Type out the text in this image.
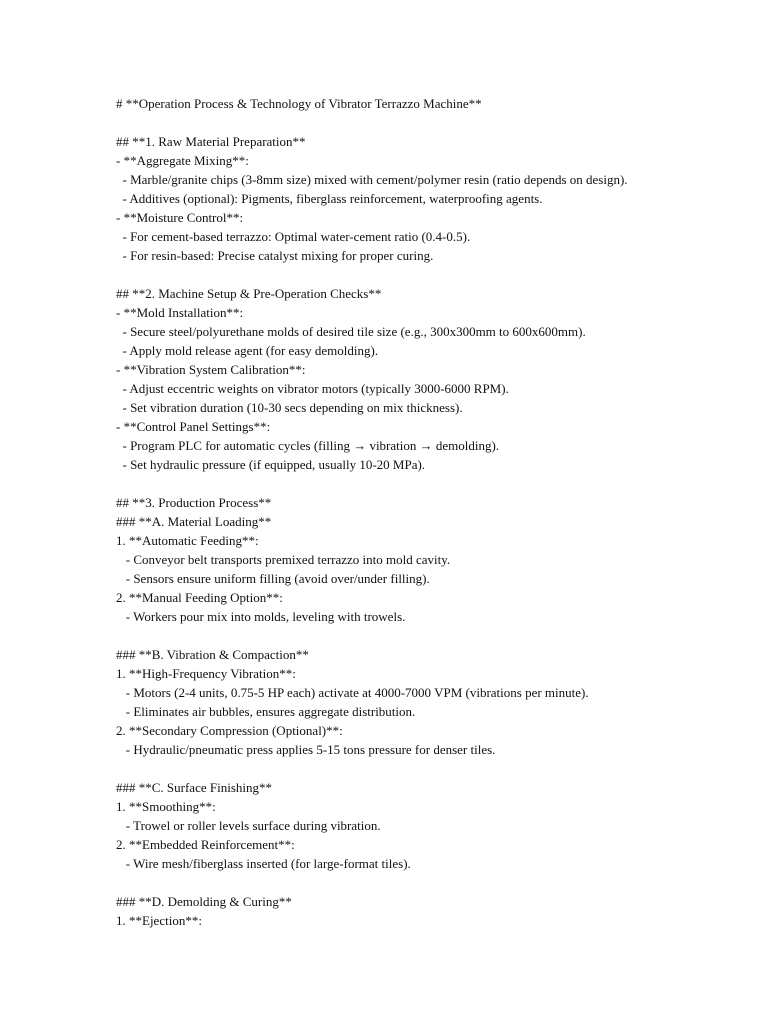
# **Operation Process & Technology of Vibrator Terrazzo Machine**
## **1. Raw Material Preparation**
- **Aggregate Mixing**:
- Marble/granite chips (3-8mm size) mixed with cement/polymer resin (ratio depends on design).
- Additives (optional): Pigments, fiberglass reinforcement, waterproofing agents.
- **Moisture Control**:
- For cement-based terrazzo: Optimal water-cement ratio (0.4-0.5).
- For resin-based: Precise catalyst mixing for proper curing.
## **2. Machine Setup & Pre-Operation Checks**
- **Mold Installation**:
- Secure steel/polyurethane molds of desired tile size (e.g., 300x300mm to 600x600mm).
- Apply mold release agent (for easy demolding).
- **Vibration System Calibration**:
- Adjust eccentric weights on vibrator motors (typically 3000-6000 RPM).
- Set vibration duration (10-30 secs depending on mix thickness).
- **Control Panel Settings**:
- Program PLC for automatic cycles (filling → vibration → demolding).
- Set hydraulic pressure (if equipped, usually 10-20 MPa).
## **3. Production Process**
### **A. Material Loading**
1. **Automatic Feeding**:
- Conveyor belt transports premixed terrazzo into mold cavity.
- Sensors ensure uniform filling (avoid over/under filling).
2. **Manual Feeding Option**:
- Workers pour mix into molds, leveling with trowels.
### **B. Vibration & Compaction**
1. **High-Frequency Vibration**:
- Motors (2-4 units, 0.75-5 HP each) activate at 4000-7000 VPM (vibrations per minute).
- Eliminates air bubbles, ensures aggregate distribution.
2. **Secondary Compression (Optional)**:
- Hydraulic/pneumatic press applies 5-15 tons pressure for denser tiles.
### **C. Surface Finishing**
1. **Smoothing**:
- Trowel or roller levels surface during vibration.
2. **Embedded Reinforcement**:
- Wire mesh/fiberglass inserted (for large-format tiles).
### **D. Demolding & Curing**
1. **Ejection**:
